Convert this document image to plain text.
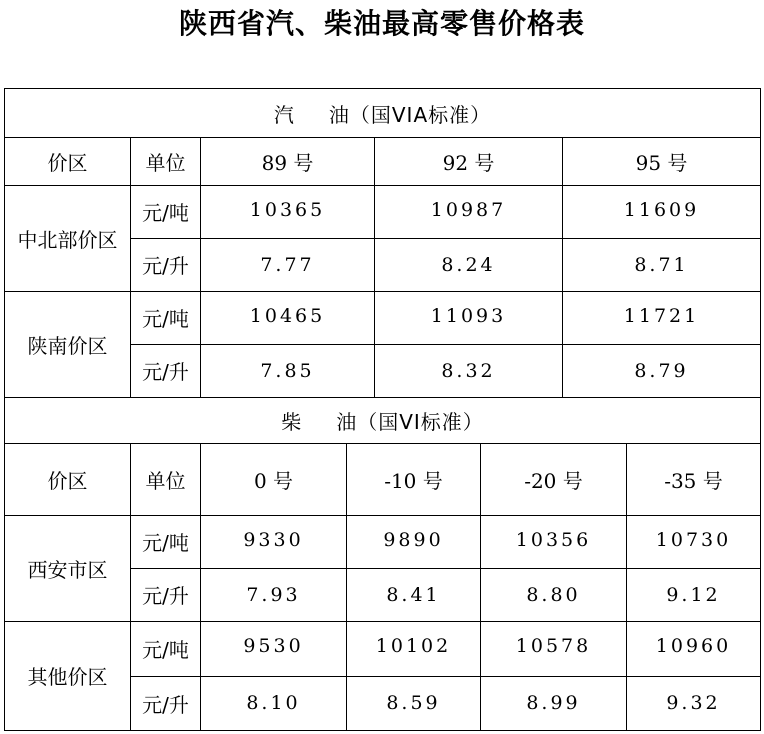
陕西省汽、柴油最高零售价格表
汽 油（国VIA标准）
价区	单位	89 号	92 号	95 号
中北部价区
元/吨	10365	10987	11609
元/升	7.77	8.24	8.71
陕南价区
元/吨	10465	11093	11721
元/升	7.85	8.32	8.79
柴 油（国VI标准）
价区	单位	0 号	-10 号	-20 号	-35 号
西安市区
元/吨	9330	9890	10356	10730
元/升	7.93	8.41	8.80	9.12
其他价区
元/吨	9530	10102	10578	10960
元/升	8.10	8.59	8.99	9.32
